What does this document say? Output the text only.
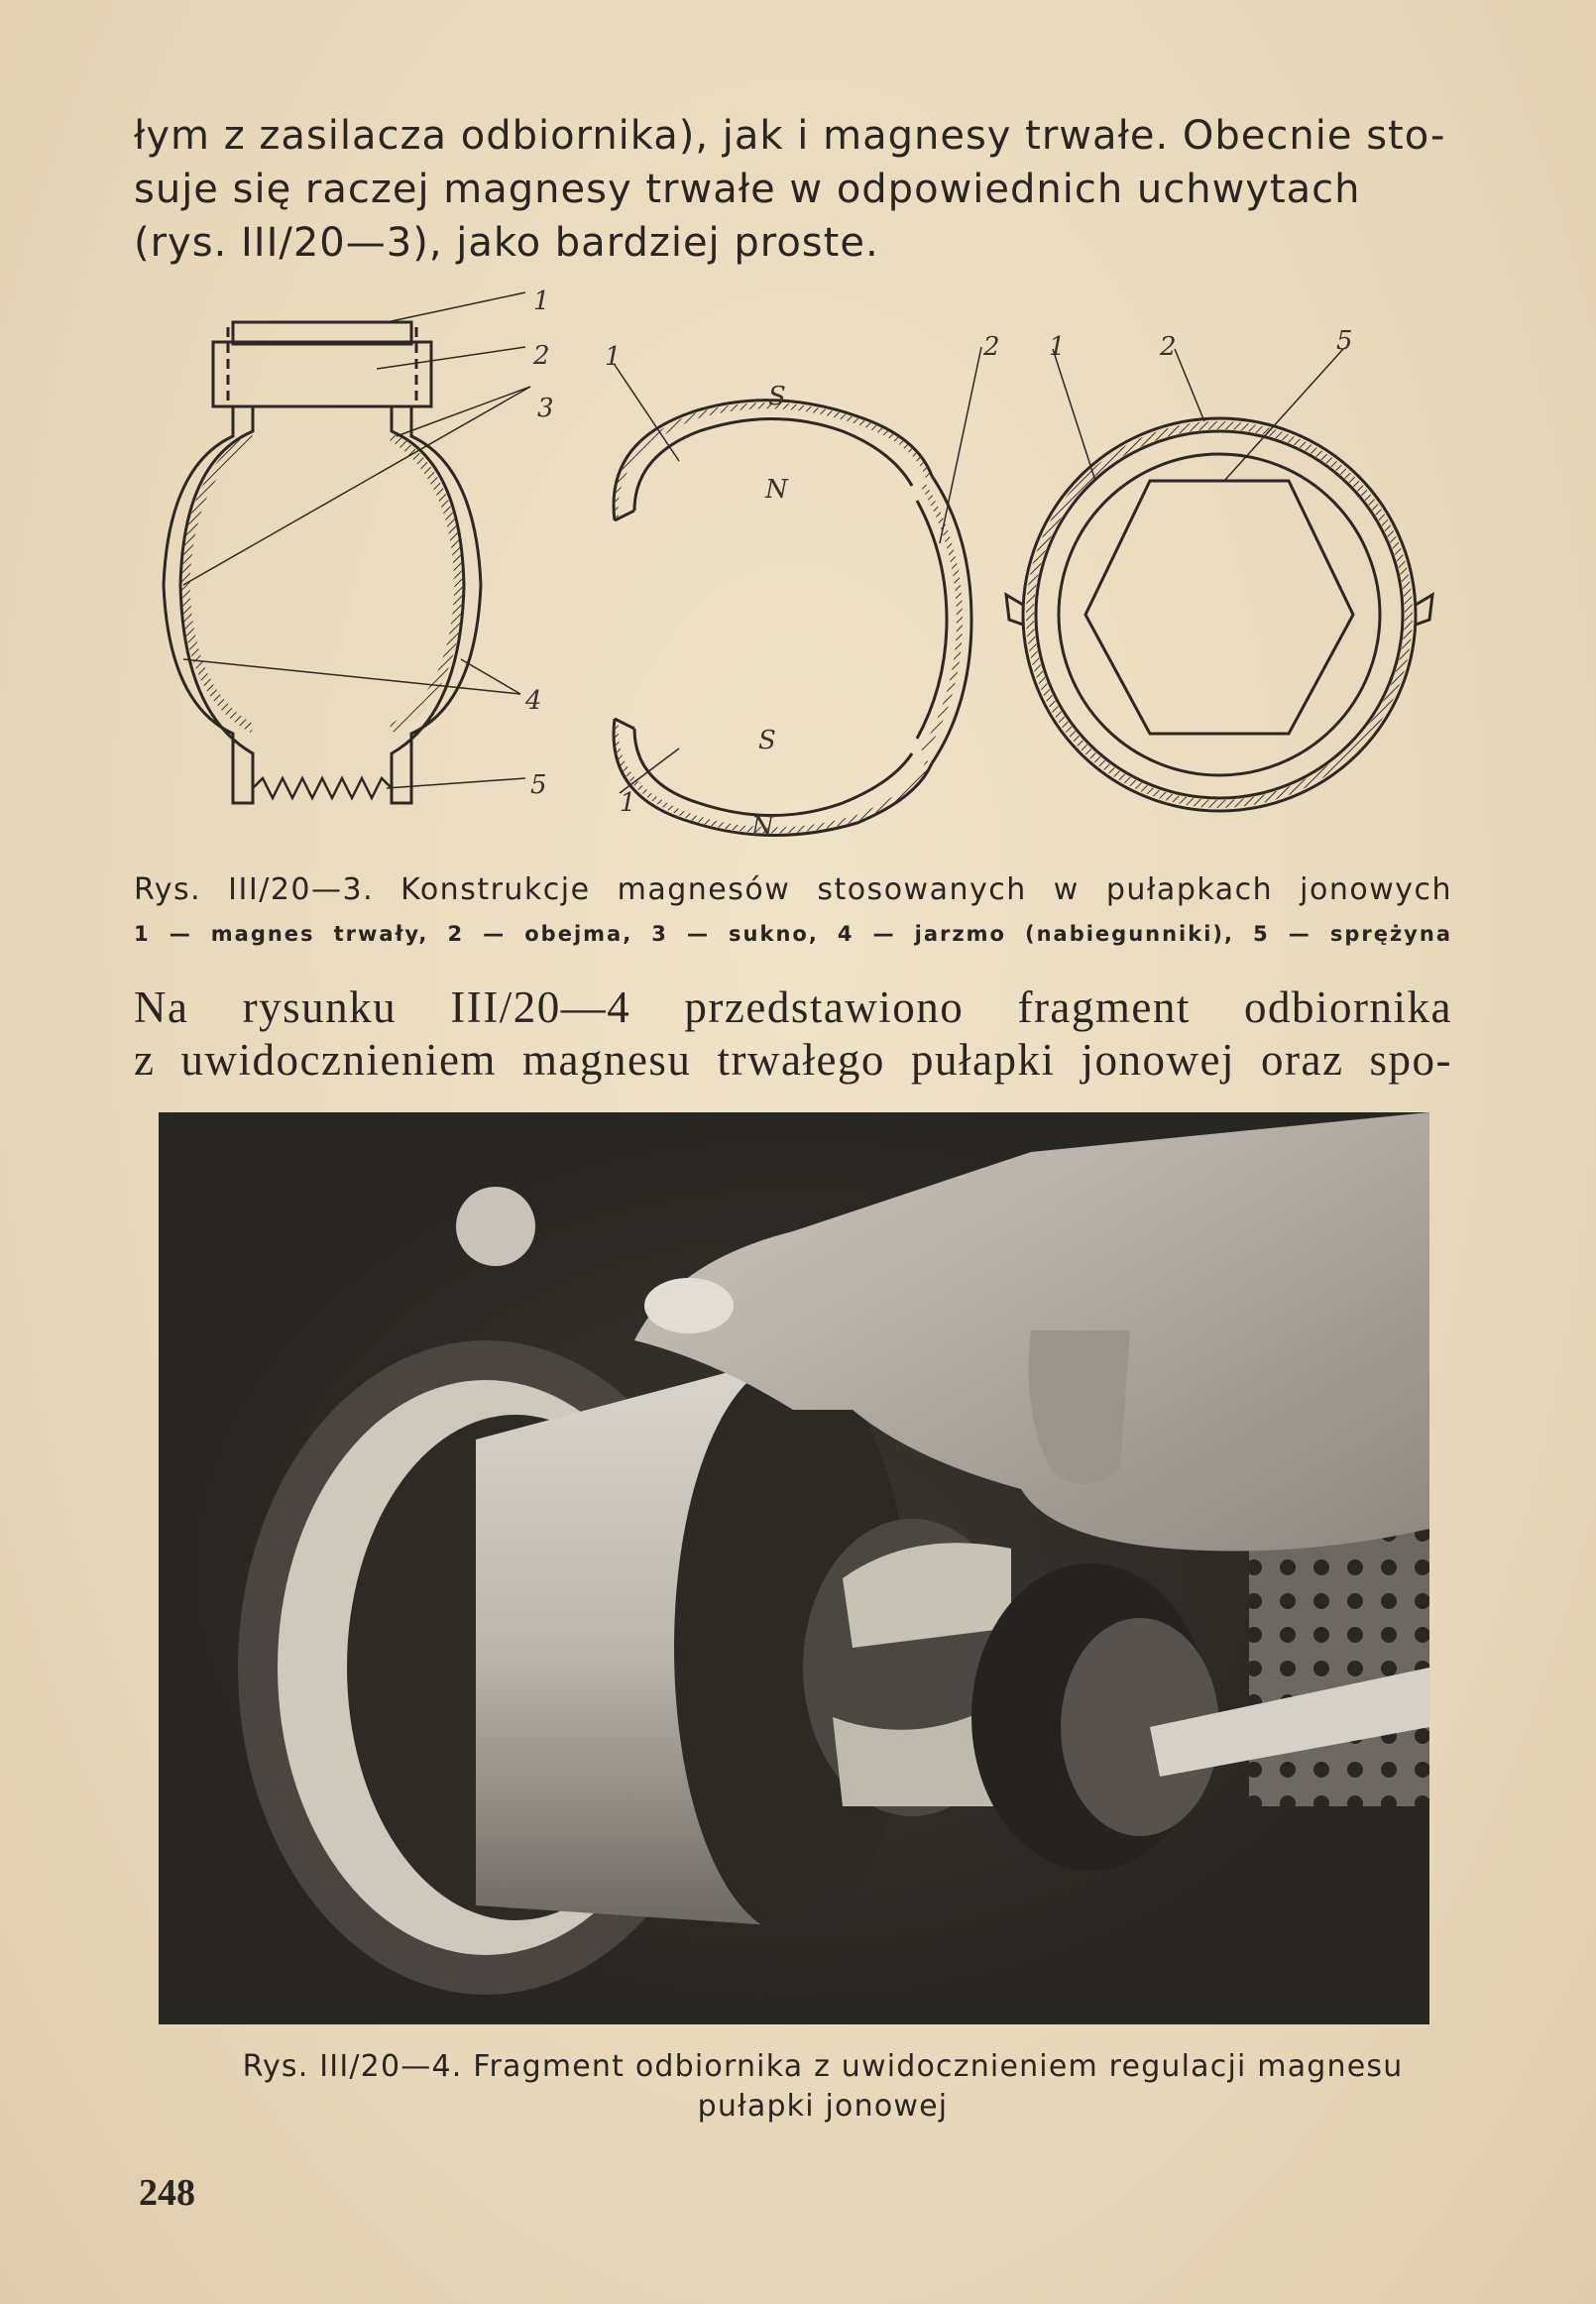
łym z zasilacza odbiornika), jak i magnesy trwałe. Obecnie sto-
suje się raczej magnesy trwałe w odpowiednich uchwytach
(rys. III/20—3), jako bardziej proste.

1
2
3
4
5
1
S
N
2
S
1
N
1	2	5

Rys. III/20—3. Konstrukcje magnesów stosowanych w pułapkach jonowych

1 — magnes trwały, 2 — obejma, 3 — sukno, 4 — jarzmo (nabiegunniki), 5 — sprężyna

Na rysunku III/20—4 przedstawiono fragment odbiornika
z uwidocznieniem magnesu trwałego pułapki jonowej oraz spo-

Rys. III/20—4. Fragment odbiornika z uwidocznieniem regulacji magnesu
pułapki jonowej

248
